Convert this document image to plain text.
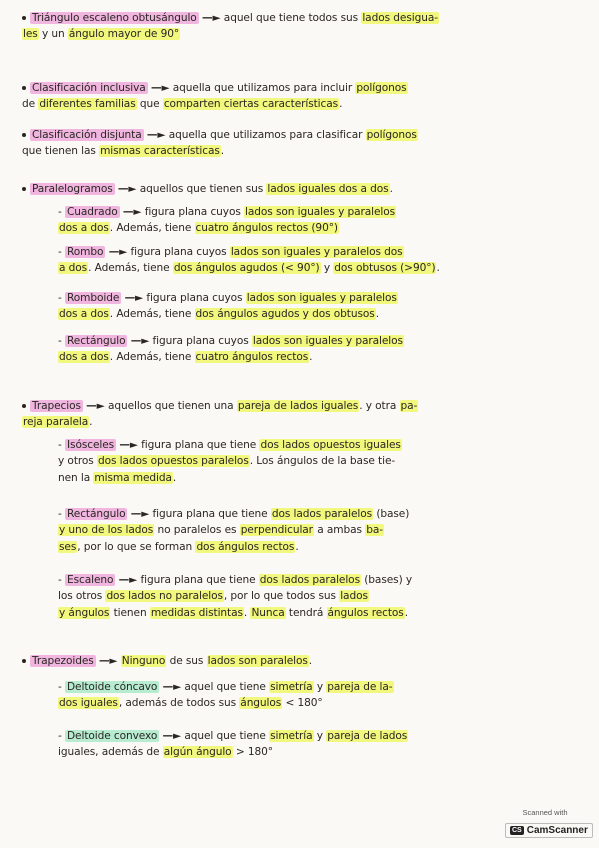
Triángulo escaleno obtusángulo —► aquel que tiene todos sus lados desigua-
les y un ángulo mayor de 90°
Clasificación inclusiva —► aquella que utilizamos para incluir polígonos
de diferentes familias que comparten ciertas características.
Clasificación disjunta —► aquella que utilizamos para clasificar polígonos
que tienen las mismas características.
Paralelogramos —► aquellos que tienen sus lados iguales dos a dos.
- Cuadrado —► figura plana cuyos lados son iguales y paralelos
dos a dos. Además, tiene cuatro ángulos rectos (90°)
- Rombo —► figura plana cuyos lados son iguales y paralelos dos
a dos. Además, tiene dos ángulos agudos (< 90°) y dos obtusos (>90°).
- Romboide —► figura plana cuyos lados son iguales y paralelos
dos a dos. Además, tiene dos ángulos agudos y dos obtusos.
- Rectángulo —► figura plana cuyos lados son iguales y paralelos
dos a dos. Además, tiene cuatro ángulos rectos.
Trapecios —► aquellos que tienen una pareja de lados iguales. y otra pa-
reja paralela.
- Isósceles —► figura plana que tiene dos lados opuestos iguales
y otros dos lados opuestos paralelos. Los ángulos de la base tie-
nen la misma medida.
- Rectángulo —► figura plana que tiene dos lados paralelos (base)
y uno de los lados no paralelos es perpendicular a ambas ba-
ses, por lo que se forman dos ángulos rectos.
- Escaleno —► figura plana que tiene dos lados paralelos (bases) y
los otros dos lados no paralelos, por lo que todos sus lados
y ángulos tienen medidas distintas. Nunca tendrá ángulos rectos.
Trapezoides —► Ninguno de sus lados son paralelos.
- Deltoide cóncavo —► aquel que tiene simetría y pareja de la-
dos iguales, además de todos sus ángulos < 180°
- Deltoide convexo —► aquel que tiene simetría y pareja de lados
iguales, además de algún ángulo > 180°
Scanned with
CS CamScanner
